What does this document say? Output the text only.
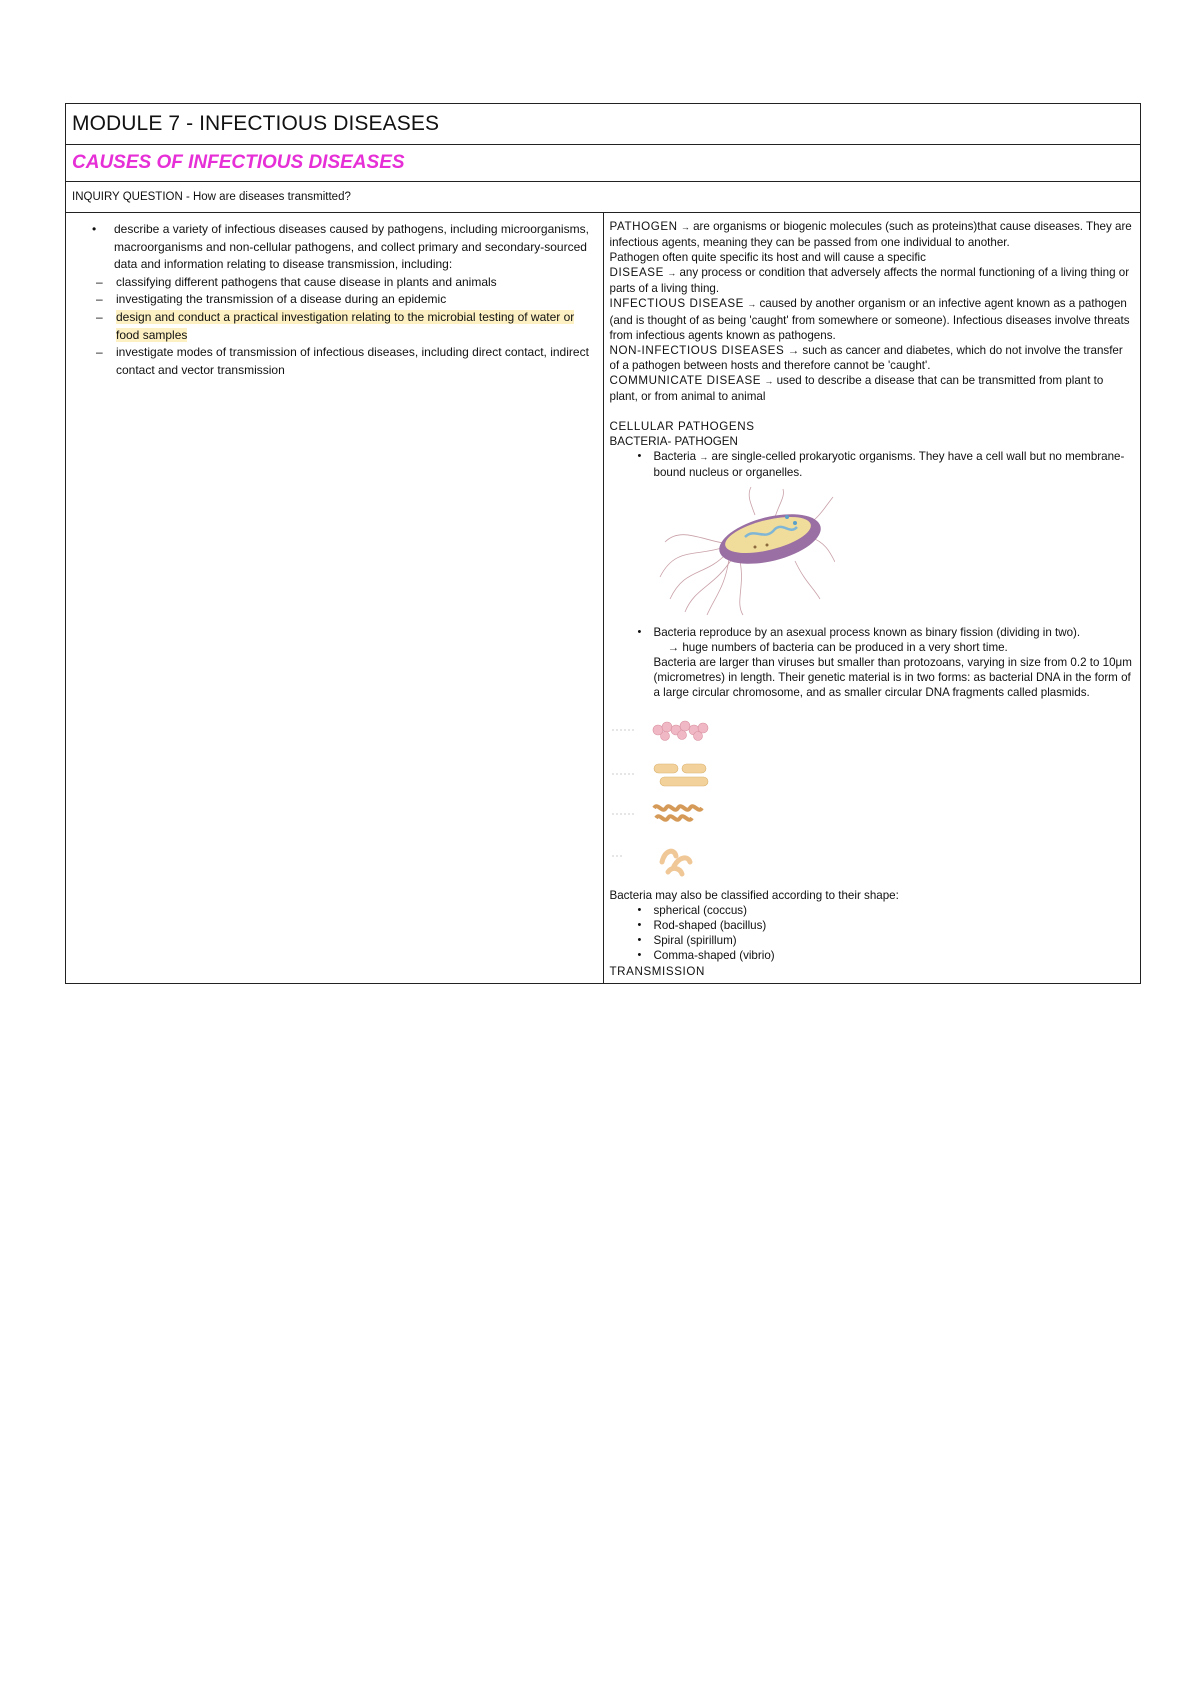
MODULE 7 - INFECTIOUS DISEASES

CAUSES OF INFECTIOUS DISEASES

INQUIRY QUESTION - How are diseases transmitted?

• describe a variety of infectious diseases caused by pathogens, including microorganisms, macroorganisms and non-cellular pathogens, and collect primary and secondary-sourced data and information relating to disease transmission, including:
– classifying different pathogens that cause disease in plants and animals
– investigating the transmission of a disease during an epidemic
– design and conduct a practical investigation relating to the microbial testing of water or food samples
– investigate modes of transmission of infectious diseases, including direct contact, indirect contact and vector transmission

PATHOGEN → are organisms or biogenic molecules (such as proteins)that cause diseases. They are infectious agents, meaning they can be passed from one individual to another.

Pathogen often quite specific its host and will cause a specific

DISEASE → any process or condition that adversely affects the normal functioning of a living thing or parts of a living thing.

INFECTIOUS DISEASE → caused by another organism or an infective agent known as a pathogen (and is thought of as being 'caught' from somewhere or someone). Infectious diseases involve threats from infectious agents known as pathogens.

NON-INFECTIOUS DISEASES → such as cancer and diabetes, which do not involve the transfer of a pathogen between hosts and therefore cannot be 'caught'.

COMMUNICATE DISEASE → used to describe a disease that can be transmitted from plant to plant, or from animal to animal

CELLULAR PATHOGENS

BACTERIA- PATHOGEN

• Bacteria → are single-celled prokaryotic organisms. They have a cell wall but no membrane-bound nucleus or organelles.
• Bacteria reproduce by an asexual process known as binary fission (dividing in two).

→ huge numbers of bacteria can be produced in a very short time.

Bacteria are larger than viruses but smaller than protozoans, varying in size from 0.2 to 10μm (micrometres) in length. Their genetic material is in two forms: as bacterial DNA in the form of a large circular chromosome, and as smaller circular DNA fragments called plasmids.

Bacteria may also be classified according to their shape:

• spherical (coccus)
• Rod-shaped (bacillus)
• Spiral (spirillum)
• Comma-shaped (vibrio)

TRANSMISSION
